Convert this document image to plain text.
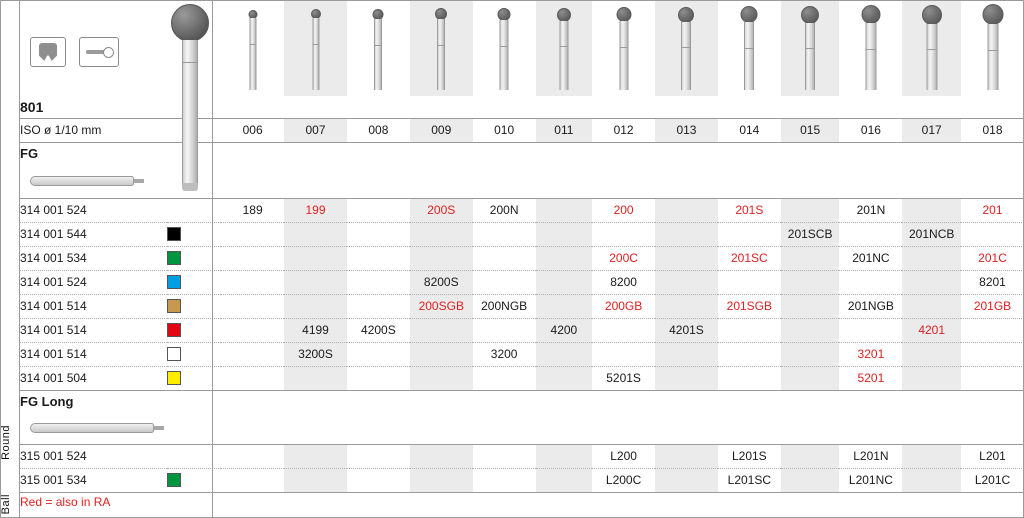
Round
Ball

801														
ISO ø 1/10 mm		006	007	008	009	010	011	012	013	014	015	016	017	018
FG														

314 001 524		189	199		200S	200N		200		201S		201N		201
314 001 544											201SCB		201NCB	
314 001 534								200C		201SC		201NC		201C
314 001 524					8200S			8200						8201
314 001 514					200SGB	200NGB		200GB		201SGB		201NGB		201GB
314 001 514			4199	4200S			4200		4201S				4201	
314 001 514			3200S			3200						3201		
314 001 504								5201S				5201		
FG Long														

315 001 524								L200		L201S		L201N		L201
315 001 534								L200C		L201SC		L201NC		L201C
Red = also in RA														
